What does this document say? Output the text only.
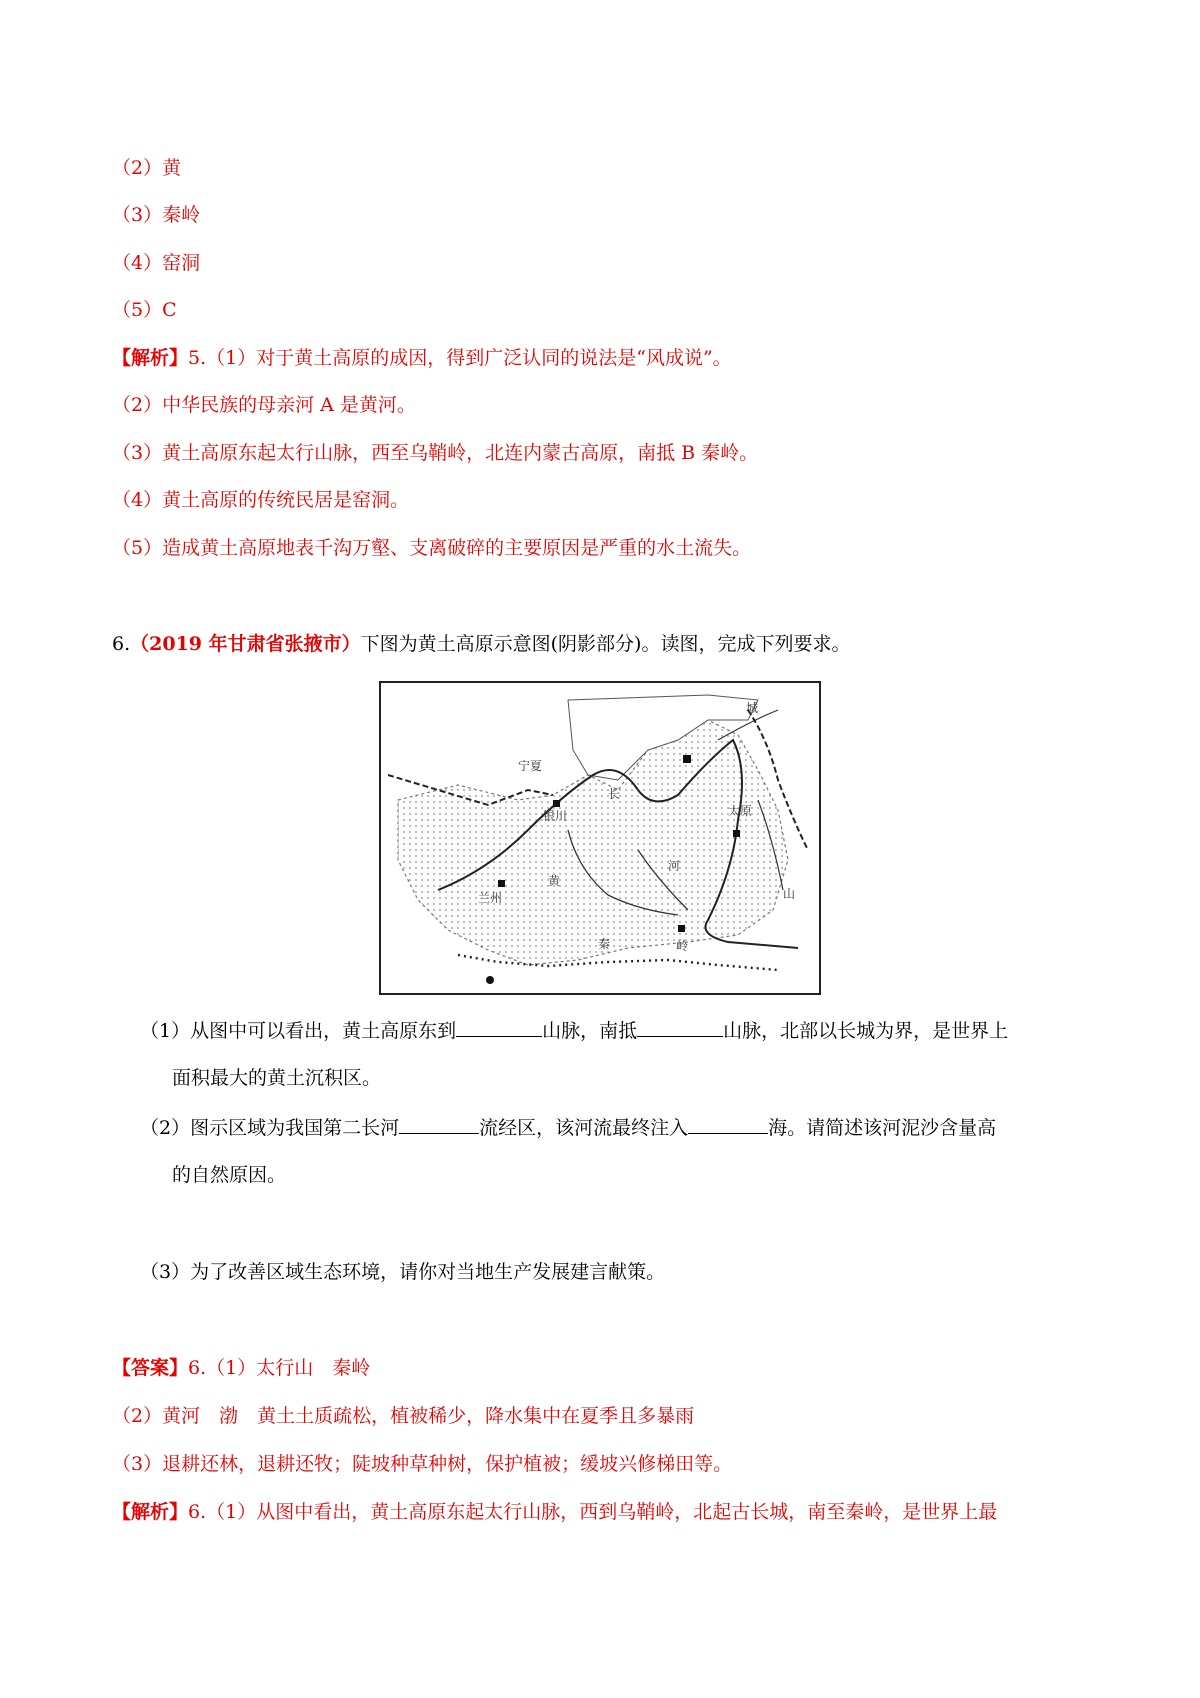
（2）黄
（3）秦岭
（4）窑洞
（5）C
【解析】5.（1）对于黄土高原的成因，得到广泛认同的说法是“风成说”。
（2）中华民族的母亲河 A 是黄河。
（3）黄土高原东起太行山脉，西至乌鞘岭，北连内蒙古高原，南抵 B 秦岭。
（4）黄土高原的传统民居是窑洞。
（5）造成黄土高原地表千沟万壑、支离破碎的主要原因是严重的水土流失。
6.（2019 年甘肃省张掖市）下图为黄土高原示意图(阴影部分)。读图，完成下列要求。
兰州
银川
黄
河
长
太原
宁夏
岭
城
山
秦
（1）从图中可以看出，黄土高原东到	山脉，南抵	山脉，北部以长城为界，是世界上
面积最大的黄土沉积区。
（2）图示区域为我国第二长河	流经区，该河流最终注入	海。请简述该河泥沙含量高
的自然原因。
（3）为了改善区域生态环境，请你对当地生产发展建言献策。
【答案】6.（1）太行山　秦岭
（2）黄河　渤　黄土土质疏松，植被稀少，降水集中在夏季且多暴雨
（3）退耕还林，退耕还牧；陡坡种草种树，保护植被；缓坡兴修梯田等。
【解析】6.（1）从图中看出，黄土高原东起太行山脉，西到乌鞘岭，北起古长城，南至秦岭，是世界上最
